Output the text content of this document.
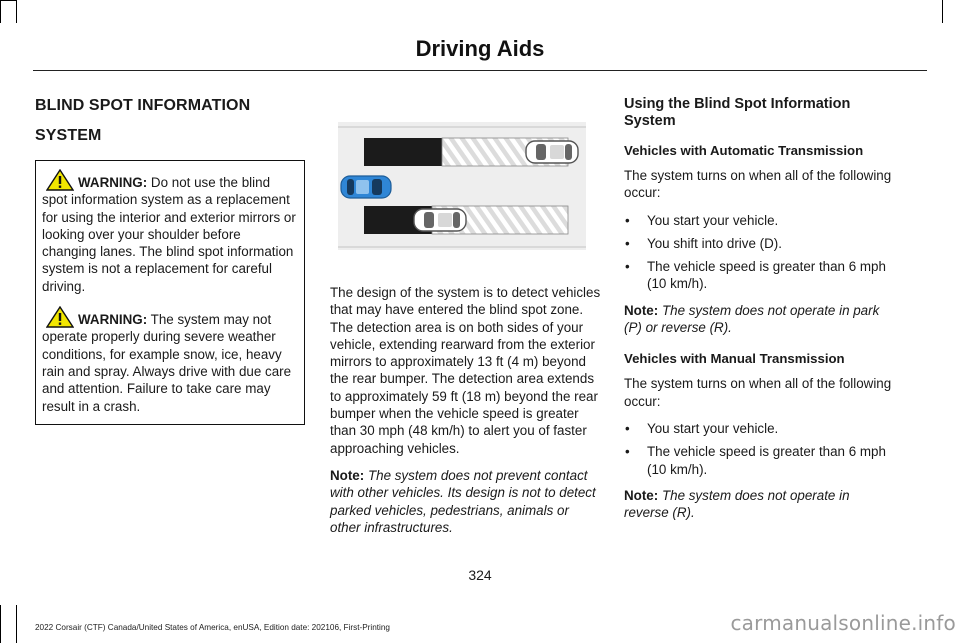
Driving Aids
BLIND SPOT INFORMATION
SYSTEM

WARNING: Do not use the blind spot information system as a replacement for using the interior and exterior mirrors or looking over your shoulder before changing lanes. The blind spot information system is not a replacement for careful driving.

WARNING: The system may not operate properly during severe weather conditions, for example snow, ice, heavy rain and spray. Always drive with due care and attention. Failure to take care may result in a crash.

The design of the system is to detect vehicles that may have entered the blind spot zone. The detection area is on both sides of your vehicle, extending rearward from the exterior mirrors to approximately 13 ft (4 m) beyond the rear bumper. The detection area extends to approximately 59 ft (18 m) beyond the rear bumper when the vehicle speed is greater than 30 mph (48 km/h) to alert you of faster approaching vehicles.

Note: The system does not prevent contact with other vehicles. Its design is not to detect parked vehicles, pedestrians, animals or other infrastructures.

Using the Blind Spot Information System
Vehicles with Automatic Transmission

The system turns on when all of the following occur:

• You start your vehicle.
• You shift into drive (D).
• The vehicle speed is greater than 6 mph (10 km/h).

Note: The system does not operate in park (P) or reverse (R).

Vehicles with Manual Transmission

The system turns on when all of the following occur:

• You start your vehicle.
• The vehicle speed is greater than 6 mph (10 km/h).

Note: The system does not operate in reverse (R).

324
2022 Corsair (CTF) Canada/United States of America, enUSA, Edition date: 202106, First-Printing	carmanualsonline.info
